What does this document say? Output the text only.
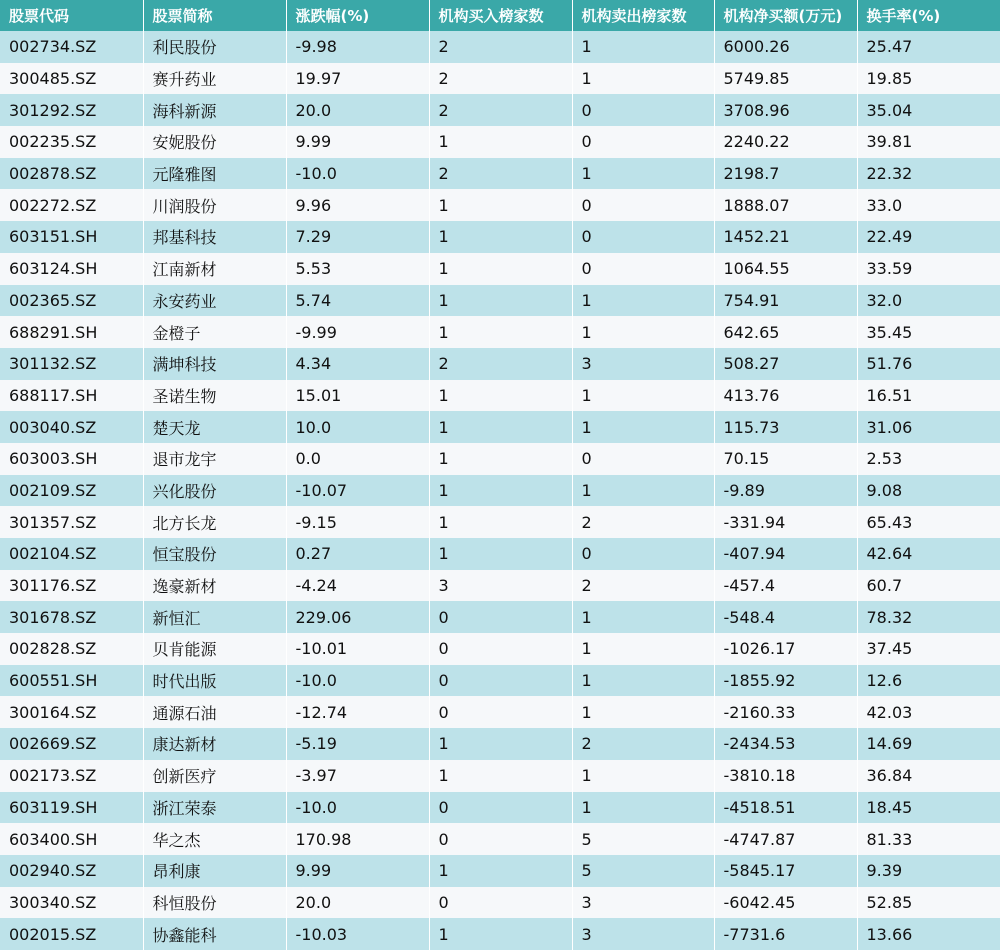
股票代码	股票简称	涨跌幅(%)	机构买入榜家数	机构卖出榜家数	机构净买额(万元)	换手率(%)
002734.SZ	利民股份	-9.98	2	1	6000.26	25.47
300485.SZ	赛升药业	19.97	2	1	5749.85	19.85
301292.SZ	海科新源	20.0	2	0	3708.96	35.04
002235.SZ	安妮股份	9.99	1	0	2240.22	39.81
002878.SZ	元隆雅图	-10.0	2	1	2198.7	22.32
002272.SZ	川润股份	9.96	1	0	1888.07	33.0
603151.SH	邦基科技	7.29	1	0	1452.21	22.49
603124.SH	江南新材	5.53	1	0	1064.55	33.59
002365.SZ	永安药业	5.74	1	1	754.91	32.0
688291.SH	金橙子	-9.99	1	1	642.65	35.45
301132.SZ	满坤科技	4.34	2	3	508.27	51.76
688117.SH	圣诺生物	15.01	1	1	413.76	16.51
003040.SZ	楚天龙	10.0	1	1	115.73	31.06
603003.SH	退市龙宇	0.0	1	0	70.15	2.53
002109.SZ	兴化股份	-10.07	1	1	-9.89	9.08
301357.SZ	北方长龙	-9.15	1	2	-331.94	65.43
002104.SZ	恒宝股份	0.27	1	0	-407.94	42.64
301176.SZ	逸豪新材	-4.24	3	2	-457.4	60.7
301678.SZ	新恒汇	229.06	0	1	-548.4	78.32
002828.SZ	贝肯能源	-10.01	0	1	-1026.17	37.45
600551.SH	时代出版	-10.0	0	1	-1855.92	12.6
300164.SZ	通源石油	-12.74	0	1	-2160.33	42.03
002669.SZ	康达新材	-5.19	1	2	-2434.53	14.69
002173.SZ	创新医疗	-3.97	1	1	-3810.18	36.84
603119.SH	浙江荣泰	-10.0	0	1	-4518.51	18.45
603400.SH	华之杰	170.98	0	5	-4747.87	81.33
002940.SZ	昂利康	9.99	1	5	-5845.17	9.39
300340.SZ	科恒股份	20.0	0	3	-6042.45	52.85
002015.SZ	协鑫能科	-10.03	1	3	-7731.6	13.66
